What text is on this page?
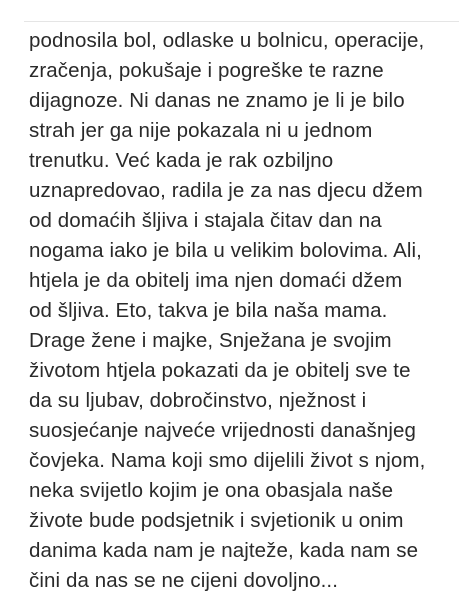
podnosila bol, odlaske u bolnicu, operacije,
zračenja, pokušaje i pogreške te razne
dijagnoze. Ni danas ne znamo je li je bilo
strah jer ga nije pokazala ni u jednom
trenutku. Već kada je rak ozbiljno
uznapredovao, radila je za nas djecu džem
od domaćih šljiva i stajala čitav dan na
nogama iako je bila u velikim bolovima. Ali,
htjela je da obitelj ima njen domaći džem
od šljiva. Eto, takva je bila naša mama.
Drage žene i majke, Snježana je svojim
životom htjela pokazati da je obitelj sve te
da su ljubav, dobročinstvo, nježnost i
suosjećanje najveće vrijednosti današnjeg
čovjeka. Nama koji smo dijelili život s njom,
neka svijetlo kojim je ona obasjala naše
živote bude podsjetnik i svjetionik u onim
danima kada nam je najteže, kada nam se
čini da nas se ne cijeni dovoljno...
